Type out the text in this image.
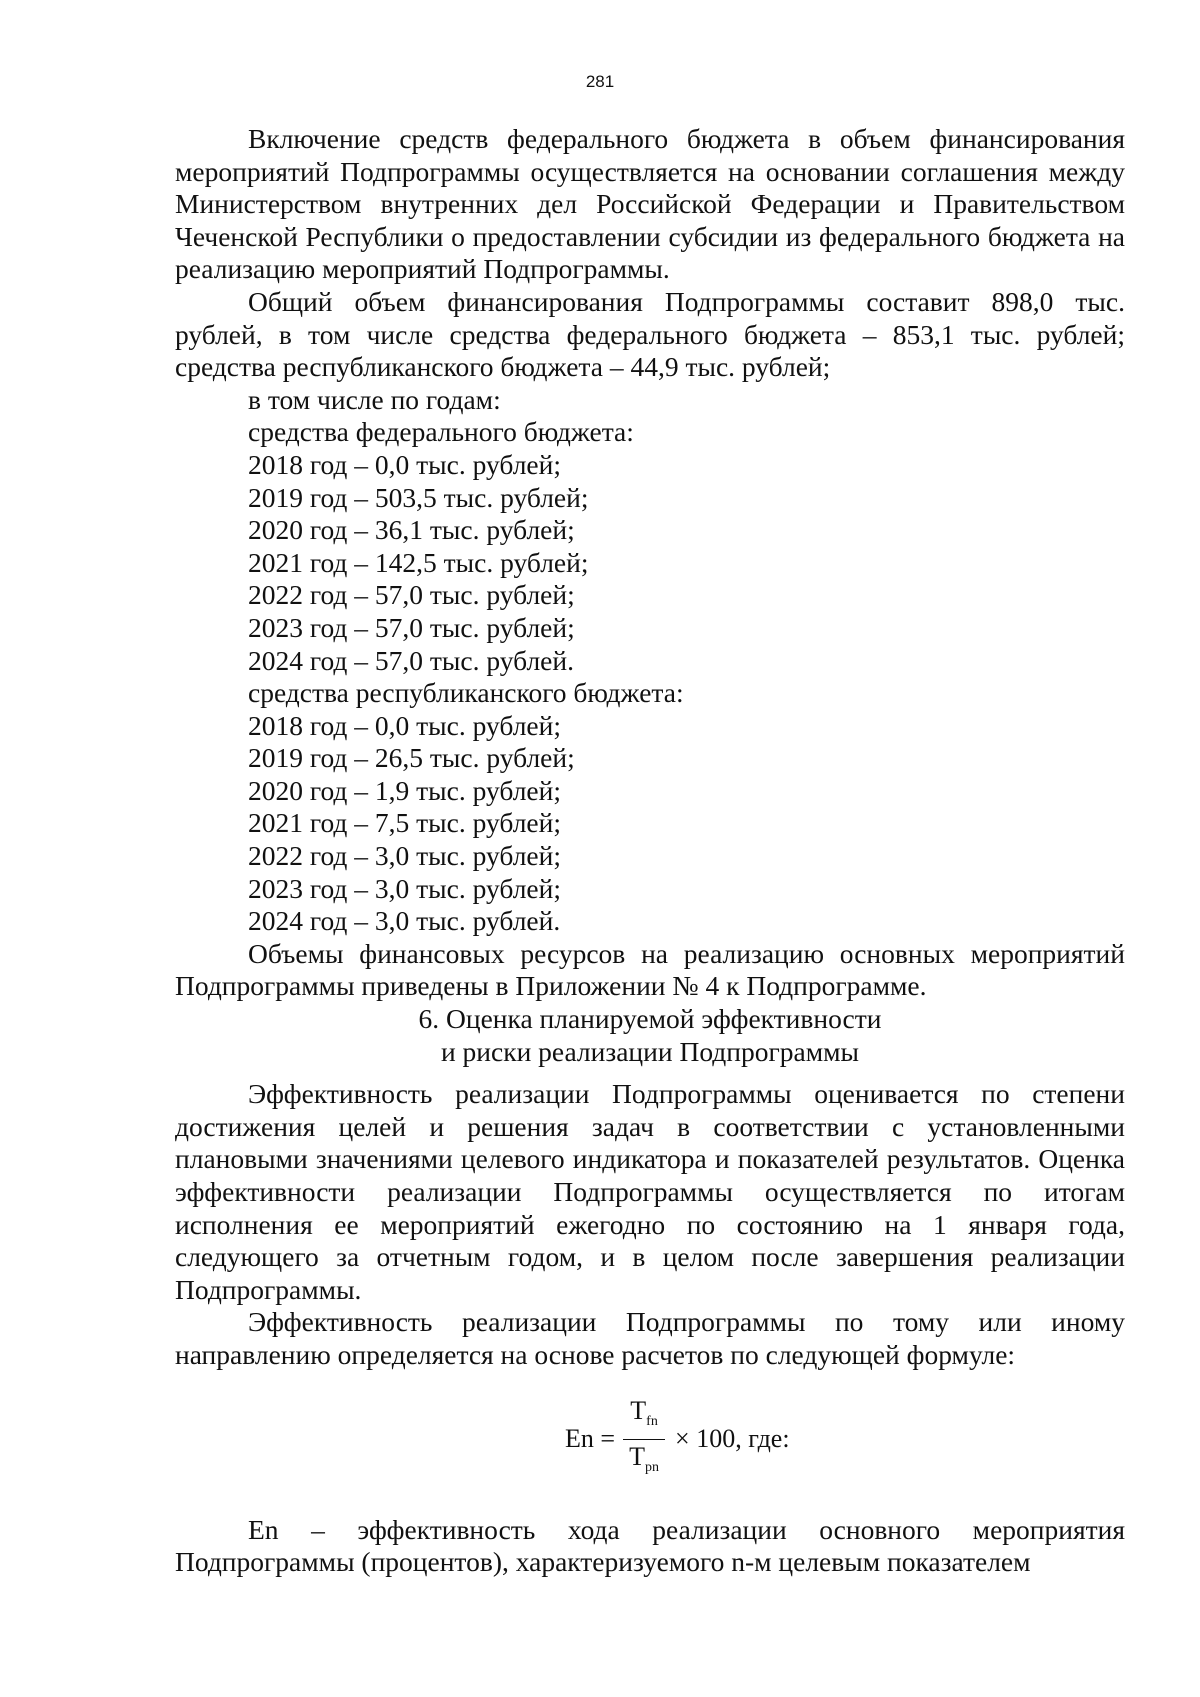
281

Включение средств федерального бюджета в объем финансирования мероприятий Подпрограммы осуществляется на основании соглашения между Министерством внутренних дел Российской Федерации и Правительством Чеченской Республики о предоставлении субсидии из федерального бюджета на реализацию мероприятий Подпрограммы.

Общий объем финансирования Подпрограммы составит 898,0 тыс. рублей, в том числе средства федерального бюджета – 853,1 тыс. рублей; средства республиканского бюджета – 44,9 тыс. рублей;

в том числе по годам:

средства федерального бюджета:

2018 год – 0,0 тыс. рублей;

2019 год – 503,5 тыс. рублей;

2020 год – 36,1 тыс. рублей;

2021 год – 142,5 тыс. рублей;

2022 год – 57,0 тыс. рублей;

2023 год – 57,0 тыс. рублей;

2024 год – 57,0 тыс. рублей.

средства республиканского бюджета:

2018 год – 0,0 тыс. рублей;

2019 год – 26,5 тыс. рублей;

2020 год – 1,9 тыс. рублей;

2021 год – 7,5 тыс. рублей;

2022 год – 3,0 тыс. рублей;

2023 год – 3,0 тыс. рублей;

2024 год – 3,0 тыс. рублей.

Объемы финансовых ресурсов на реализацию основных мероприятий Подпрограммы приведены в Приложении № 4 к Подпрограмме.

6. Оценка планируемой эффективности

и риски реализации Подпрограммы

Эффективность реализации Подпрограммы оценивается по степени достижения целей и решения задач в соответствии с установленными плановыми значениями целевого индикатора и показателей результатов. Оценка эффективности реализации Подпрограммы осуществляется по итогам исполнения ее мероприятий ежегодно по состоянию на 1 января года, следующего за отчетным годом, и в целом после завершения реализации Подпрограммы.

Эффективность реализации Подпрограммы по тому или иному направлению определяется на основе расчетов по следующей формуле:

$En = \frac{T_{fn}}{T_{pn}} \times 100$, где:

En – эффективность хода реализации основного мероприятия Подпрограммы (процентов), характеризуемого n-м целевым показателем
